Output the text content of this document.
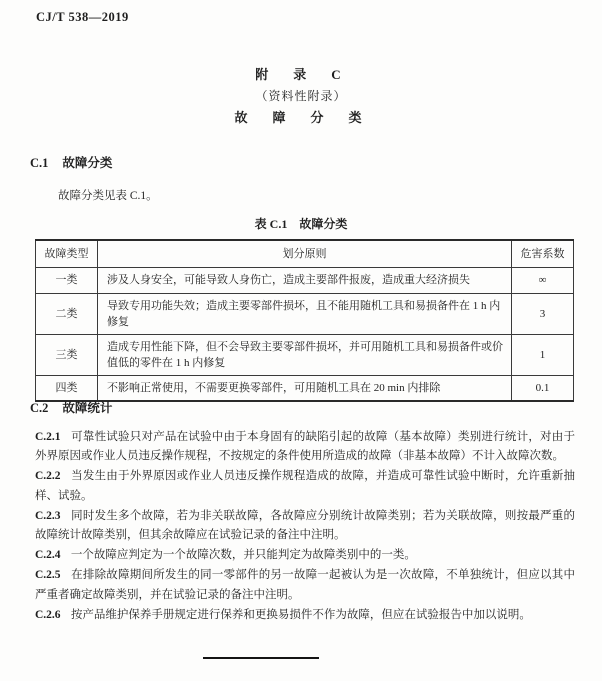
CJ/T 538—2019
附　录　C
（资料性附录）
故　障　分　类
C.1 故障分类

故障分类见表 C.1。

表 C.1 故障分类
故障类型	划分原则	危害系数
一类	涉及人身安全，可能导致人身伤亡，造成主要部件报废，造成重大经济损失	∞
二类	导致专用功能失效；造成主要零部件损坏，且不能用随机工具和易损备件在 1 h 内修复	3
三类	造成专用性能下降，但不会导致主要零部件损坏，并可用随机工具和易损备件或价值低的零件在 1 h 内修复	1
四类	不影响正常使用，不需要更换零部件，可用随机工具在 20 min 内排除	0.1
C.2 故障统计

C.2.1 可靠性试验只对产品在试验中由于本身固有的缺陷引起的故障（基本故障）类别进行统计，对由于外界原因或作业人员违反操作规程，不按规定的条件使用所造成的故障（非基本故障）不计入故障次数。

C.2.2 当发生由于外界原因或作业人员违反操作规程造成的故障，并造成可靠性试验中断时，允许重新抽样、试验。

C.2.3 同时发生多个故障，若为非关联故障，各故障应分别统计故障类别；若为关联故障，则按最严重的故障统计故障类别，但其余故障应在试验记录的备注中注明。

C.2.4 一个故障应判定为一个故障次数，并只能判定为故障类别中的一类。

C.2.5 在排除故障期间所发生的同一零部件的另一故障一起被认为是一次故障，不单独统计，但应以其中严重者确定故障类别，并在试验记录的备注中注明。

C.2.6 按产品维护保养手册规定进行保养和更换易损件不作为故障，但应在试验报告中加以说明。
